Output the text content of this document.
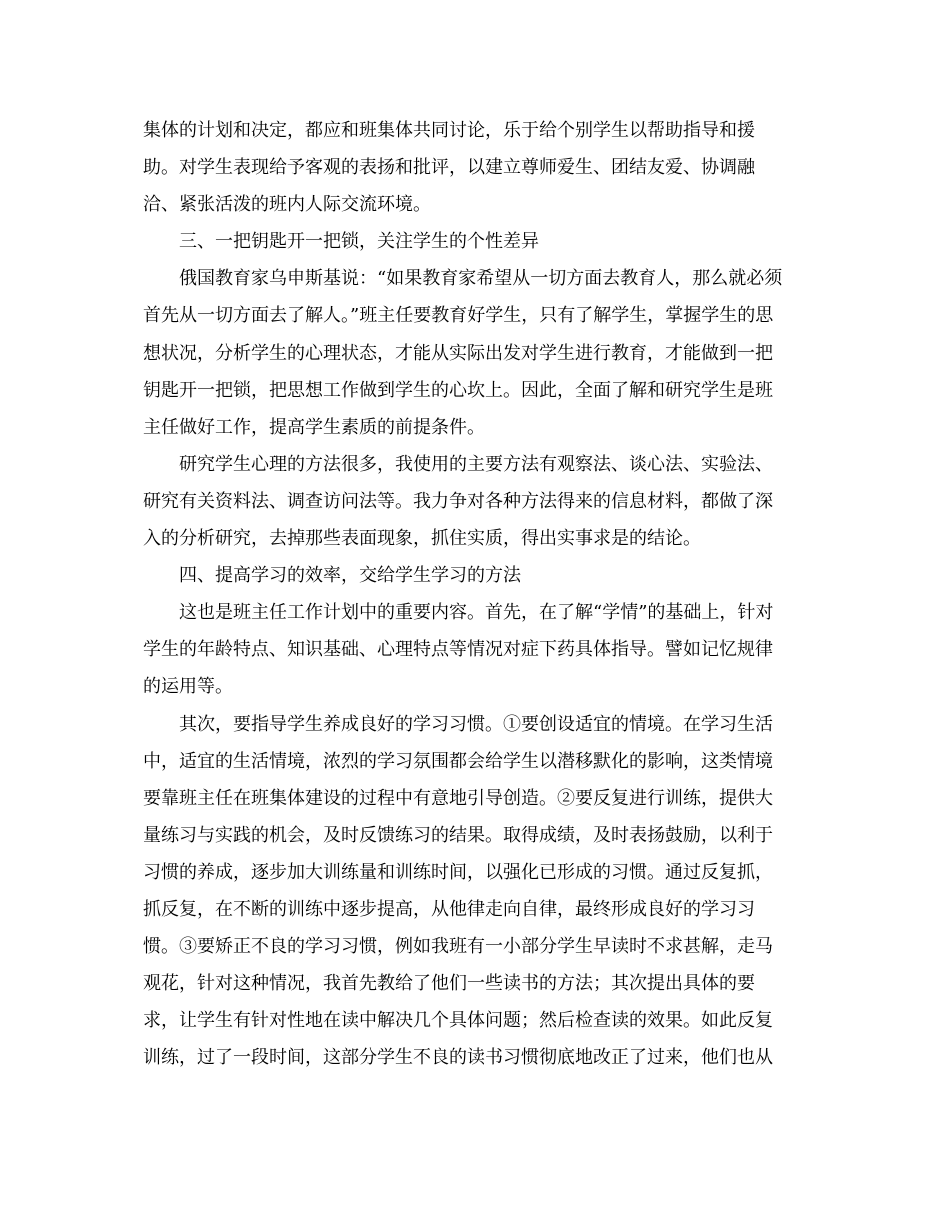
集体的计划和决定，都应和班集体共同讨论，乐于给个别学生以帮助指导和援
助。对学生表现给予客观的表扬和批评，以建立尊师爱生、团结友爱、协调融
洽、紧张活泼的班内人际交流环境。
三、一把钥匙开一把锁，关注学生的个性差异
俄国教育家乌申斯基说：“如果教育家希望从一切方面去教育人，那么就必须
首先从一切方面去了解人。”班主任要教育好学生，只有了解学生，掌握学生的思
想状况，分析学生的心理状态，才能从实际出发对学生进行教育，才能做到一把
钥匙开一把锁，把思想工作做到学生的心坎上。因此，全面了解和研究学生是班
主任做好工作，提高学生素质的前提条件。
研究学生心理的方法很多，我使用的主要方法有观察法、谈心法、实验法、
研究有关资料法、调查访问法等。我力争对各种方法得来的信息材料，都做了深
入的分析研究，去掉那些表面现象，抓住实质，得出实事求是的结论。
四、提高学习的效率，交给学生学习的方法
这也是班主任工作计划中的重要内容。首先，在了解“学情”的基础上，针对
学生的年龄特点、知识基础、心理特点等情况对症下药具体指导。譬如记忆规律
的运用等。
其次，要指导学生养成良好的学习习惯。①要创设适宜的情境。在学习生活
中，适宜的生活情境，浓烈的学习氛围都会给学生以潜移默化的影响，这类情境
要靠班主任在班集体建设的过程中有意地引导创造。②要反复进行训练，提供大
量练习与实践的机会，及时反馈练习的结果。取得成绩，及时表扬鼓励，以利于
习惯的养成，逐步加大训练量和训练时间，以强化已形成的习惯。通过反复抓，
抓反复，在不断的训练中逐步提高，从他律走向自律，最终形成良好的学习习
惯。③要矫正不良的学习习惯，例如我班有一小部分学生早读时不求甚解，走马
观花，针对这种情况，我首先教给了他们一些读书的方法；其次提出具体的要
求，让学生有针对性地在读中解决几个具体问题；然后检查读的效果。如此反复
训练，过了一段时间，这部分学生不良的读书习惯彻底地改正了过来，他们也从
